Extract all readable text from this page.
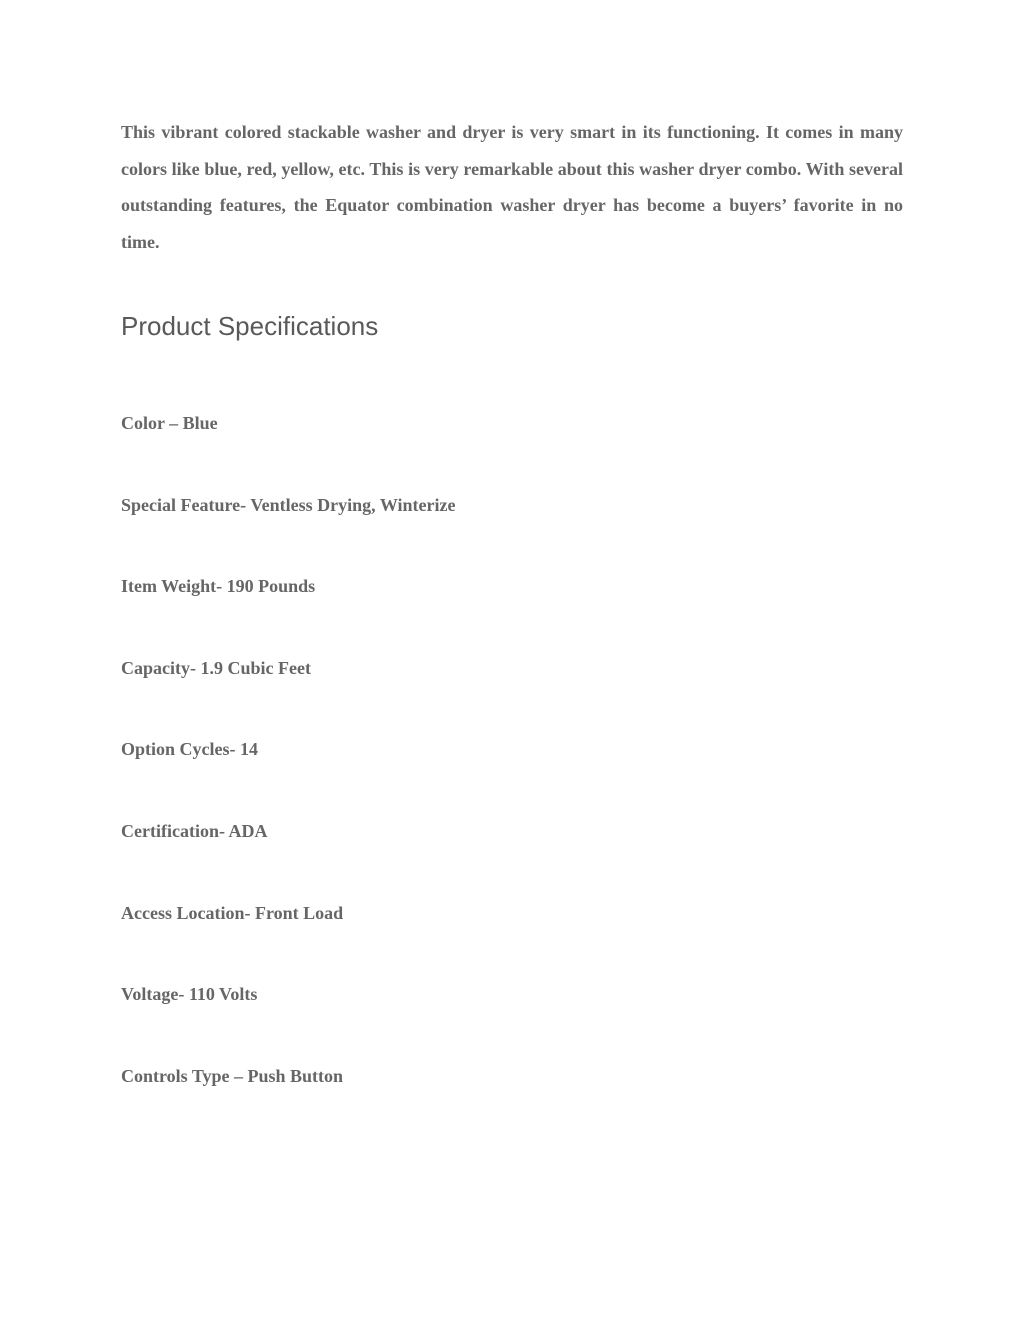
This vibrant colored stackable washer and dryer is very smart in its functioning. It comes in many colors like blue, red, yellow, etc. This is very remarkable about this washer dryer combo. With several outstanding features, the Equator combination washer dryer has become a buyers’ favorite in no time.

Product Specifications
Color – Blue
Special Feature- Ventless Drying, Winterize
Item Weight- 190 Pounds
Capacity- 1.9 Cubic Feet
Option Cycles- 14
Certification- ADA
Access Location- Front Load
Voltage- 110 Volts
Controls Type – Push Button
